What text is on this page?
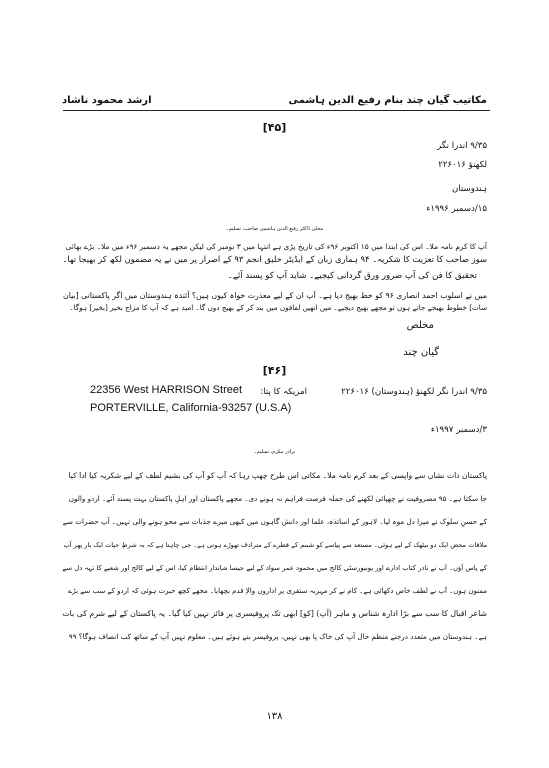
مکاتیب گیان چند بنام رفیع الدین ہاشمی
ارشد محمود ناشاد
[۴۵]
۹/۳۵ اندرا نگر
لکھنؤ ۲۲۶۰۱۶
ہندوستان
۱۵/دسمبر ۱۹۹۶ء
محبّی ڈاکٹر رفیع الدین ہاشمی صاحب، تسلیم۔
آپ کا کرم نامہ ملا۔ اس کی ابتدا میں ۱۵ اکتوبر ۹۶ء کی تاریخ پڑی ہے انتہا میں ۳ نومبر کی لیکن مجھے یہ دسمبر ۹۶ء میں ملا۔ بڑے بھائی
سوز صاحب کا تعزیت کا شکریہ۔ ۹۴ ہماری زبان کے ایڈیٹر خلیق انجم ۹۳ کے اصرار پر میں نے یہ مضمون لکھ کر بھیجا تھا۔
تحقیق کا فن کی آپ ضرور ورق گردانی کیجیے۔ شاید آپ کو پسند آئے۔
میں نے اسلوب احمد انصاری ۹۶ کو خط بھیج دیا ہے۔ آپ ان کے لیے معذرت خواہ کیوں ہیں؟ آئندہ ہندوستان میں اگر پاکستانی [بیان
سات] خطوط بھیجے جاتے ہوں تو مجھے بھیج دیجیے۔ میں انھیں لفافوں میں بند کر کے بھیج دوں گا۔ امید ہے کہ آپ کا مزاج بخیر [بخیر] ہوگا۔
مخلص
گیان چند
[۴۶]
۹/۳۵ اندرا نگر لکھنؤ (ہندوستان) ۲۲۶۰۱۶
امریکہ کا پتا:
22356 West HARRISON Street
PORTERVILLE, California-93257 (U.S.A)
۳/دسمبر ۱۹۹۷ء
برادر مکرم، تسلیم۔
پاکستان ذات نشاں سے واپسی کے بعد کرم نامہ ملا۔ مکاتی اس طرح چھپ رہا کہ آپ کو آپ کی بشیم لطف کے لیے شکریہ کیا ادا کیا
جا سکتا ہے۔ ۹۵ مصروفیت نے چھپائی لکھنے کی جملہ فرصت فراہم نہ ہونے دی۔ مجھے پاکستان اور اہلِ پاکستان بہت پسند آئے۔ اردو والوں
کے حسنِ سلوک نے میرا دل موہ لیا۔ لاہور کے اساتذہ، علما اور دانش گاہوں میں کبھی میرے جذبات سے محو ہونے والی نہیں۔ آپ حضرات سے
ملاقات محض ایک دو بیٹھک کے لیے ہوئی۔ مستعد سے پیاسے کو شبنم کے قطرے کے مترادف تھوڑے ہوتی ہے۔ جی چاہتا ہے کہ بہ شرطِ حیات ایک بار پھر آپ
کے پاس آؤں۔ آپ نے نادر کتاب ادارے اور یونیورسٹی کالج میں محمود عمر سواد کے لیے جیسا شاندار انتظام کیا، اس کے لیے کالج اور شعبے کا تہہ دل سے
ممنون ہوں۔ آپ نے لطف خاص دکھائی ہے۔ کام نے کر مہربہ ستقری پر اداروں والاِ قدم بچھایا۔ مجھے کچھ حیرت ہوئی کہ اردو کے سب سے بڑے
شاعر اقبال کا سب سے بڑا ادارہ شناس و ماہر (آپ) [کو] ابھی تک پروفیسری پر فائز نہیں کیا گیا۔ یہ پاکستان کے لیے شرم کی بات
ہے۔ ہندوستان میں متعدد درجنے منظم حال آپ کی خاک پا بھی نہیں، پروفیسر بنے ہوئے ہیں۔ معلوم نہیں آپ کے ساتھ کب انصاف ہوگا؟ ۹۹
۱۳۸
